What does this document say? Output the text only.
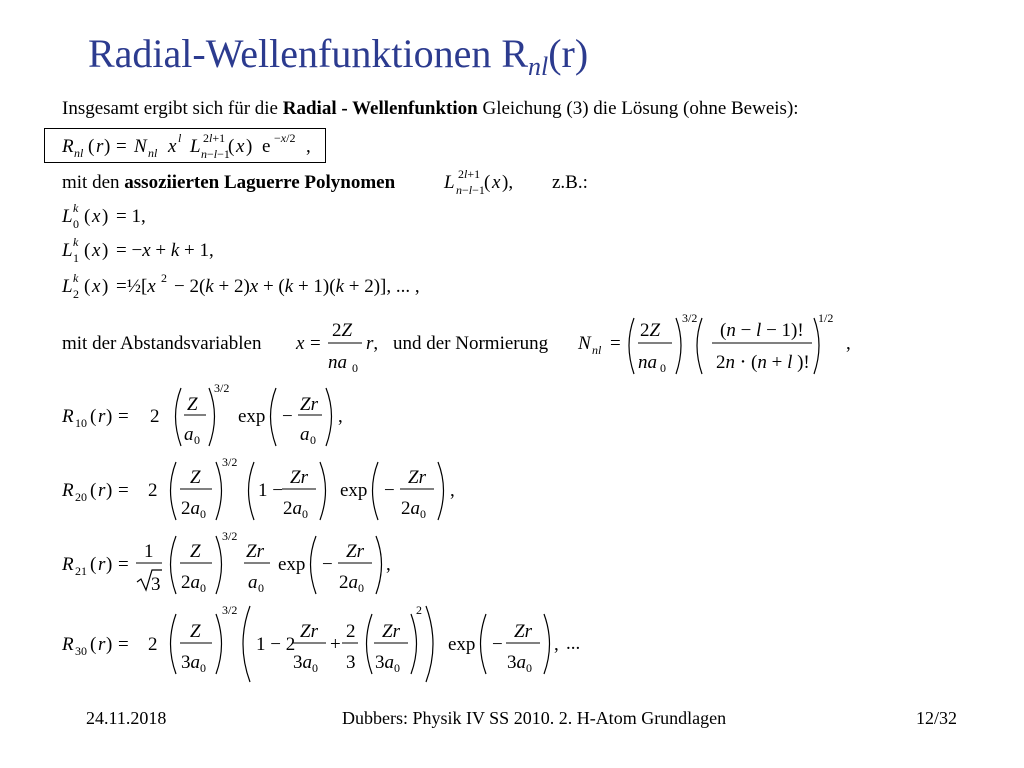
Radial-Wellenfunktionen $R_{nl}(r)$
Insgesamt ergibt sich für die Radial - Wellenfunktion Gleichung (3) die Lösung (ohne Beweis):
mit den assoziierten Laguerre Polynomen	z.B.:
mit der Abstandsvariablen	und der Normierung
R nl ( r ) = N nl x l L 2l+1
n−l−1
( x ) e −x/2 ,
L 2l+1
n−l−1 ( x ),
L k
0 ( x ) = 1,
L k
1 ( x ) = −x + k + 1,
L k
2 ( x ) =½[x 2 − 2(k + 2)x + (k + 1)(k + 2)], ... ,
x =
2Z
na 0
r,	N nl =
2Z
na 0
3/2
(n − l − 1)!
2n ⋅ (n + l )!
1/2
,
R 10 ( r ) = 2
Z
a 0
3/2
exp −
Zr
a 0
,
R 20 ( r ) = 2
Z
2a 0
3/2
1 −
Zr
2a 0
exp −
Zr
2a 0
,
R 21 ( r ) =
1
3
Z
2a 0
3/2
Zr
a 0
exp −
Zr
2a 0
,
R 30 ( r ) = 2
Z
3a 0
3/2
1 − 2
Zr
3a 0
+
2
3
Zr
3a 0
2
exp −
Zr
3a 0
, ...
24.11.2018	Dubbers: Physik IV SS 2010. 2. H-Atom Grundlagen	12/32
